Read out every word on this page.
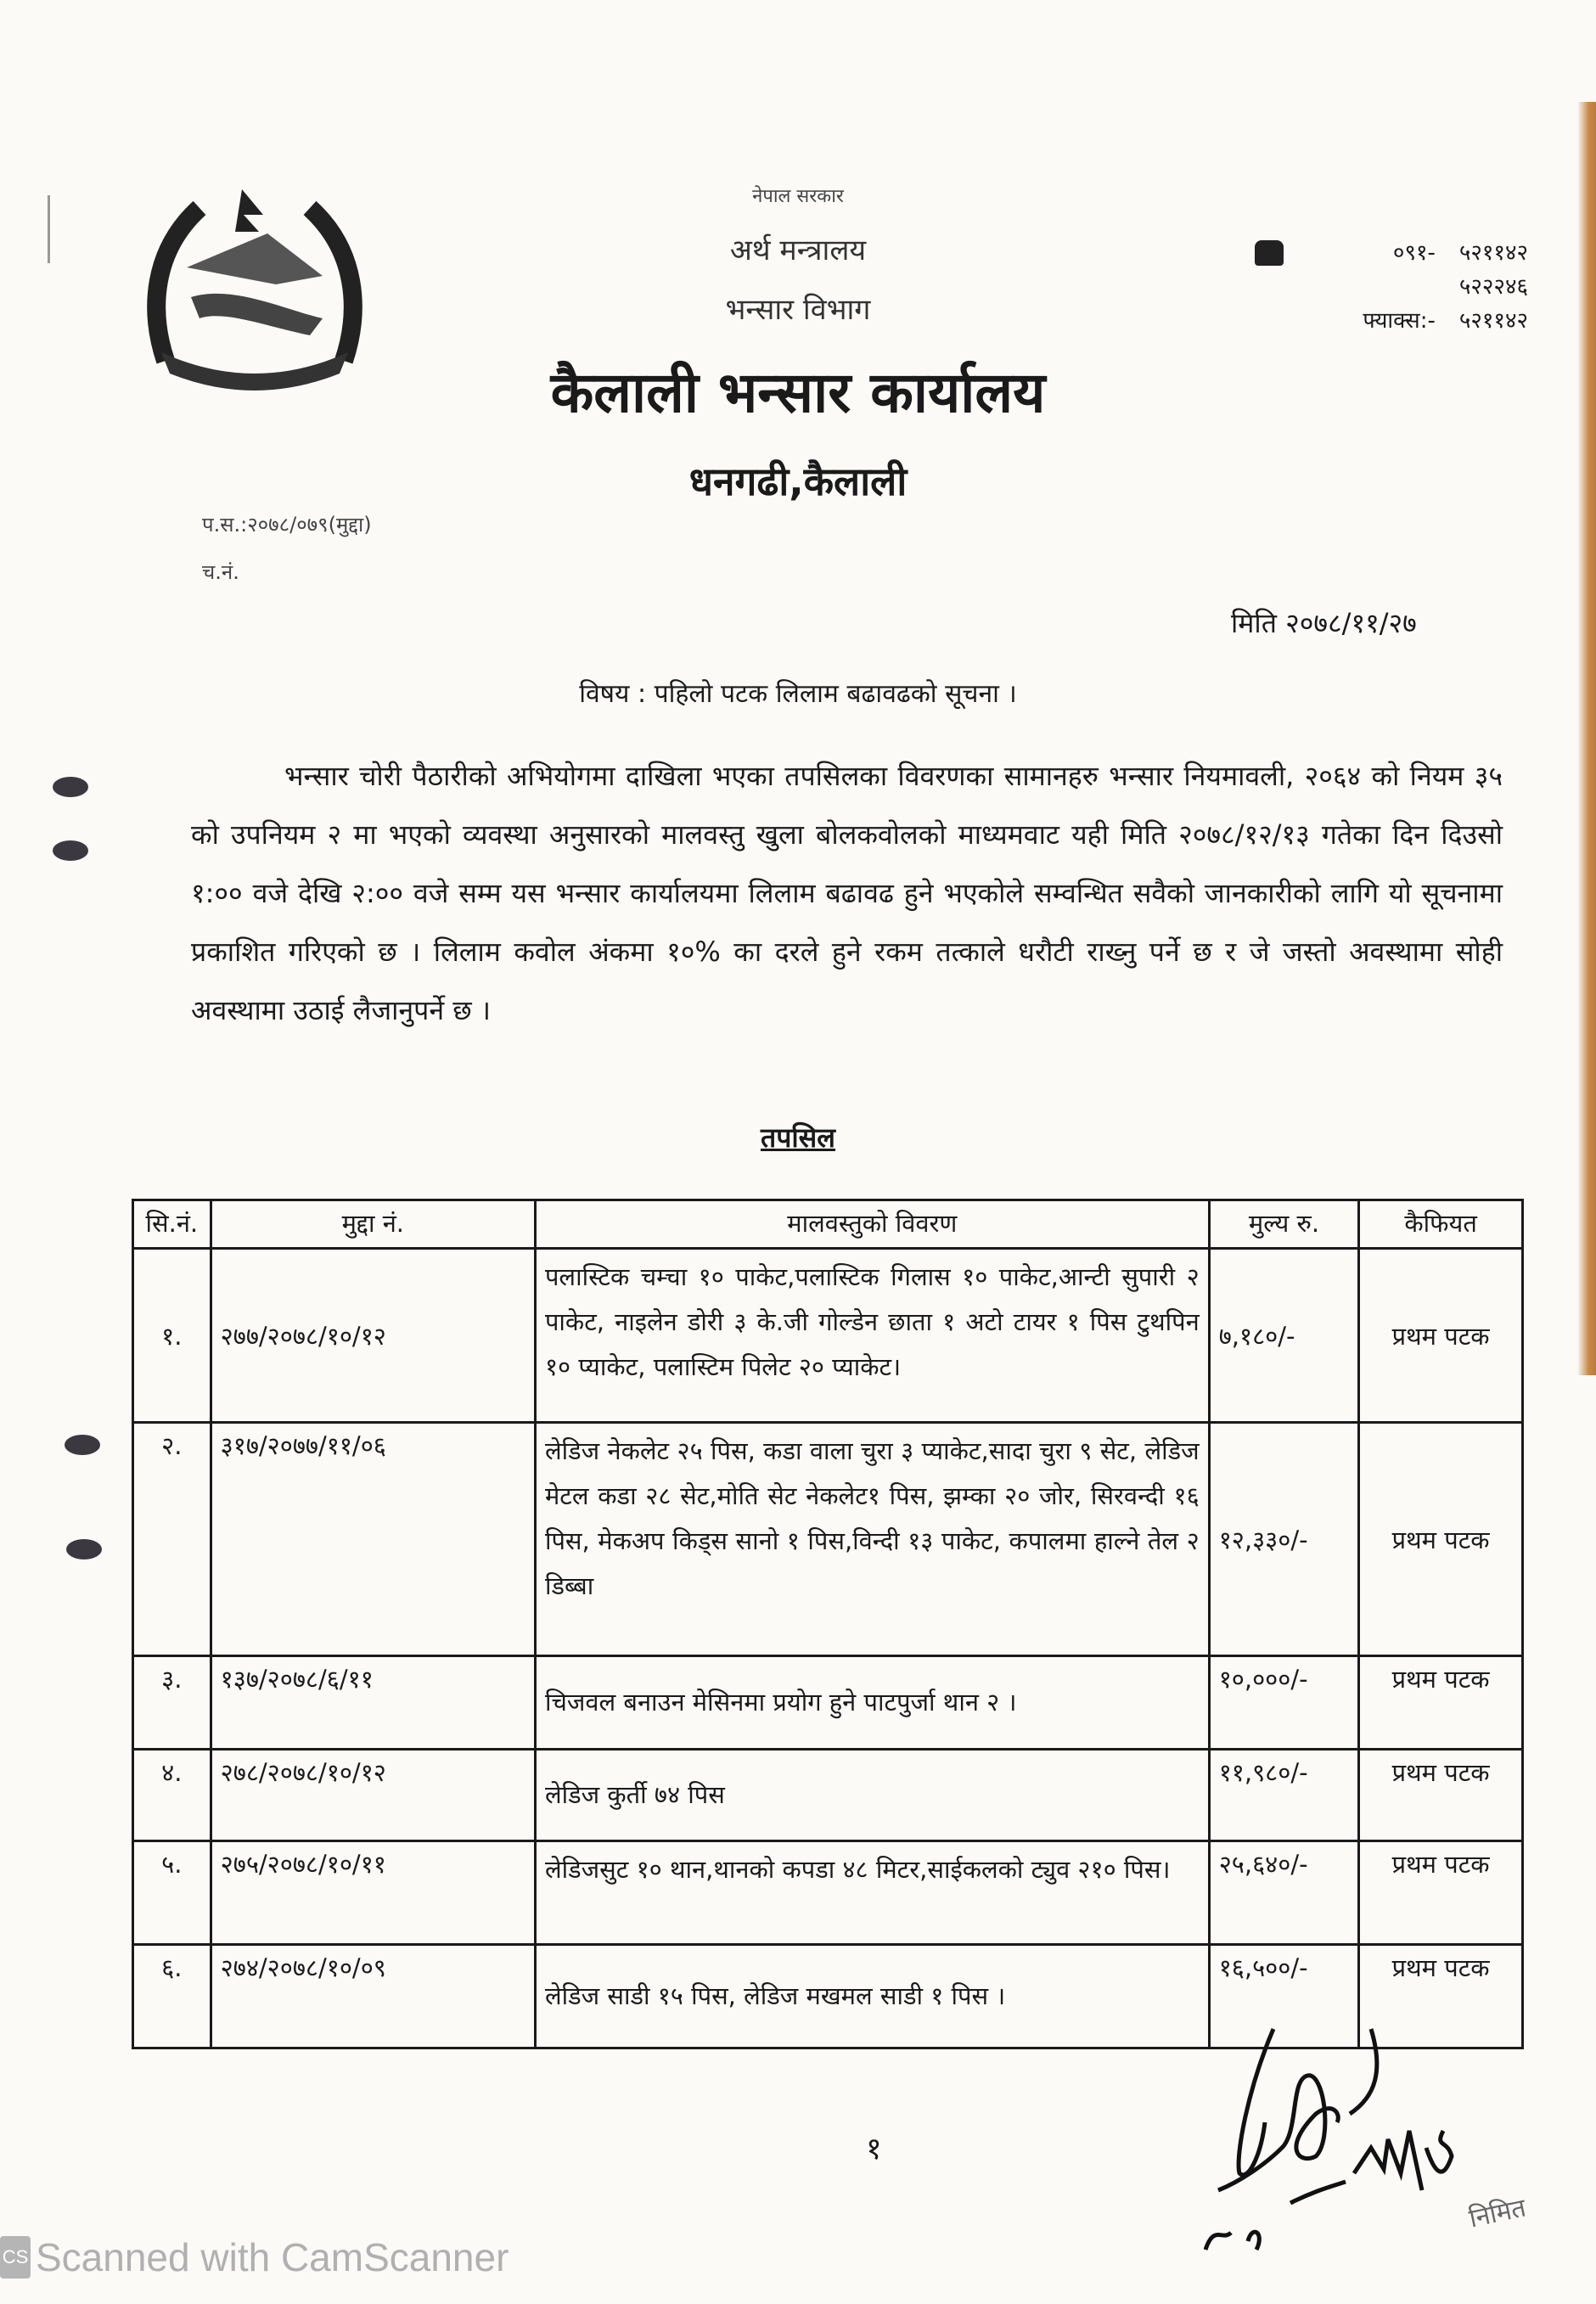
नेपाल सरकार
अर्थ मन्त्रालय
भन्सार विभाग
कैलाली भन्सार कार्यालय
धनगढी,कैलाली
०९१- ५२११४२
५२२२४६
फ्याक्स:- ५२११४२
प.स.:२०७८/०७९(मुद्दा)
च.नं.
मिति २०७८/११/२७
विषय : पहिलो पटक लिलाम बढावढको सूचना ।
भन्सार चोरी पैठारीको अभियोगमा दाखिला भएका तपसिलका विवरणका सामानहरु भन्सार नियमावली, २०६४ को नियम ३५ को उपनियम २ मा भएको व्यवस्था अनुसारको मालवस्तु खुला बोलकवोलको माध्यमवाट यही मिति २०७८/१२/१३ गतेका दिन दिउसो १:०० वजे देखि २:०० वजे सम्म यस भन्सार कार्यालयमा लिलाम बढावढ हुने भएकोले सम्वन्धित सवैको जानकारीको लागि यो सूचनामा प्रकाशित गरिएको छ । लिलाम कवोल अंकमा १०% का दरले हुने रकम तत्काले धरौटी राख्नु पर्ने छ र जे जस्तो अवस्थामा सोही अवस्थामा उठाई लैजानुपर्ने छ ।
तपसिल
सि.नं.	मुद्दा नं.	मालवस्तुको विवरण	मुल्य रु.	कैफियत
१.	२७७/२०७८/१०/१२	पलास्टिक चम्चा १० पाकेट,पलास्टिक गिलास १० पाकेट,आन्टी सुपारी २ पाकेट, नाइलेन डोरी ३ के.जी गोल्डेन छाता १ अटो टायर १ पिस टुथपिन १० प्याकेट, पलास्टिम पिलेट २० प्याकेट।	७,१८०/-	प्रथम पटक
२.	३१७/२०७७/११/०६	लेडिज नेकलेट २५ पिस, कडा वाला चुरा ३ प्याकेट,सादा चुरा ९ सेट, लेडिज मेटल कडा २८ सेट,मोति सेट नेकलेट१ पिस, झम्का २० जोर, सिरवन्दी १६ पिस, मेकअप किड्स सानो १ पिस,विन्दी १३ पाकेट, कपालमा हाल्ने तेल २ डिब्बा	१२,३३०/-	प्रथम पटक
३.	१३७/२०७८/६/११	चिजवल बनाउन मेसिनमा प्रयोग हुने पाटपुर्जा थान २ ।	१०,०००/-	प्रथम पटक
४.	२७८/२०७८/१०/१२	लेडिज कुर्ती ७४ पिस	११,९८०/-	प्रथम पटक
५.	२७५/२०७८/१०/११	लेडिजसुट १० थान,थानको कपडा ४८ मिटर,साईकलको ट्युव २१० पिस।	२५,६४०/-	प्रथम पटक
६.	२७४/२०७८/१०/०९	लेडिज साडी १५ पिस, लेडिज मखमल साडी १ पिस ।	१६,५००/-	प्रथम पटक
१
निमित
CS Scanned with CamScanner
